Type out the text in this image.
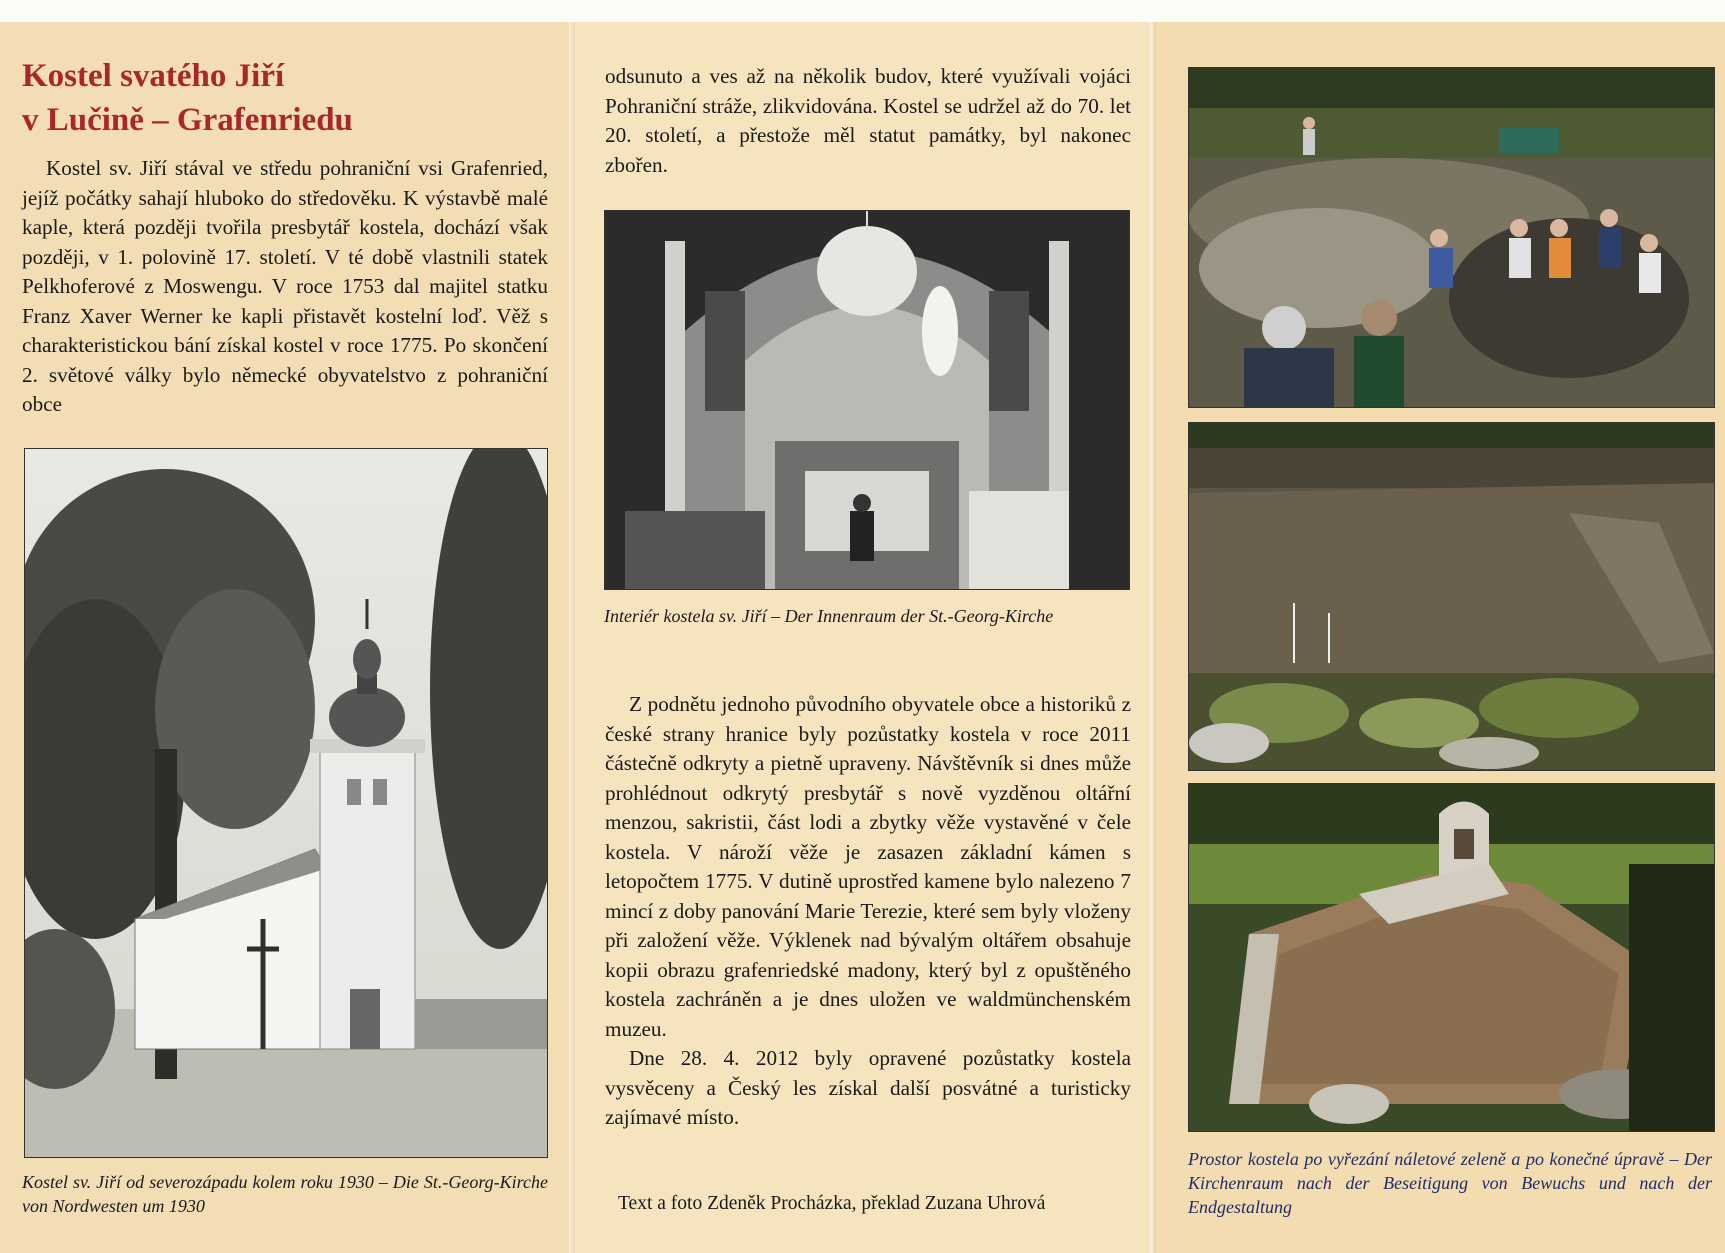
Kostel svatého Jiří
v Lučině – Grafenriedu

Kostel sv. Jiří stával ve středu pohraniční vsi Grafenried, jejíž počátky sahají hluboko do středověku. K výstavbě malé kaple, která později tvořila presbytář kostela, dochází však později, v 1. polovině 17. století. V té době vlastnili statek Pelkhoferové z Moswengu. V roce 1753 dal majitel statku Franz Xaver Werner ke kapli přistavět kostelní loď. Věž s charakteristickou bání získal kostel v roce 1775. Po skončení 2. světové války bylo německé obyvatelstvo z pohraniční obce

Kostel sv. Jiří od severozápadu kolem roku 1930 – Die St.-Georg-Kirche von Nordwesten um 1930

odsunuto a ves až na několik budov, které využívali vojáci Pohraniční stráže, zlikvidována. Kostel se udržel až do 70. let 20. století, a přestože měl statut památky, byl nakonec zbořen.

Interiér kostela sv. Jiří – Der Innenraum der St.-Georg-Kirche

Z podnětu jednoho původního obyvatele obce a historiků z české strany hranice byly pozůstatky kostela v roce 2011 částečně odkryty a pietně upraveny. Návštěvník si dnes může prohlédnout odkrytý presbytář s nově vyzděnou oltářní menzou, sakristii, část lodi a zbytky věže vystavěné v čele kostela. V nároží věže je zasazen základní kámen s letopočtem 1775. V dutině uprostřed kamene bylo nalezeno 7 mincí z doby panování Marie Terezie, které sem byly vloženy při založení věže. Výklenek nad bývalým oltářem obsahuje kopii obrazu grafenriedské madony, který byl z opuštěného kostela zachráněn a je dnes uložen ve waldmünchenském muzeu.

Dne 28. 4. 2012 byly opravené pozůstatky kostela vysvěceny a Český les získal další posvátné a turisticky zajímavé místo.

Text a foto Zdeněk Procházka, překlad Zuzana Uhrová

Prostor kostela po vyřezání náletové zeleně a po konečné úpravě – Der Kirchenraum nach der Beseitigung von Bewuchs und nach der Endgestaltung
